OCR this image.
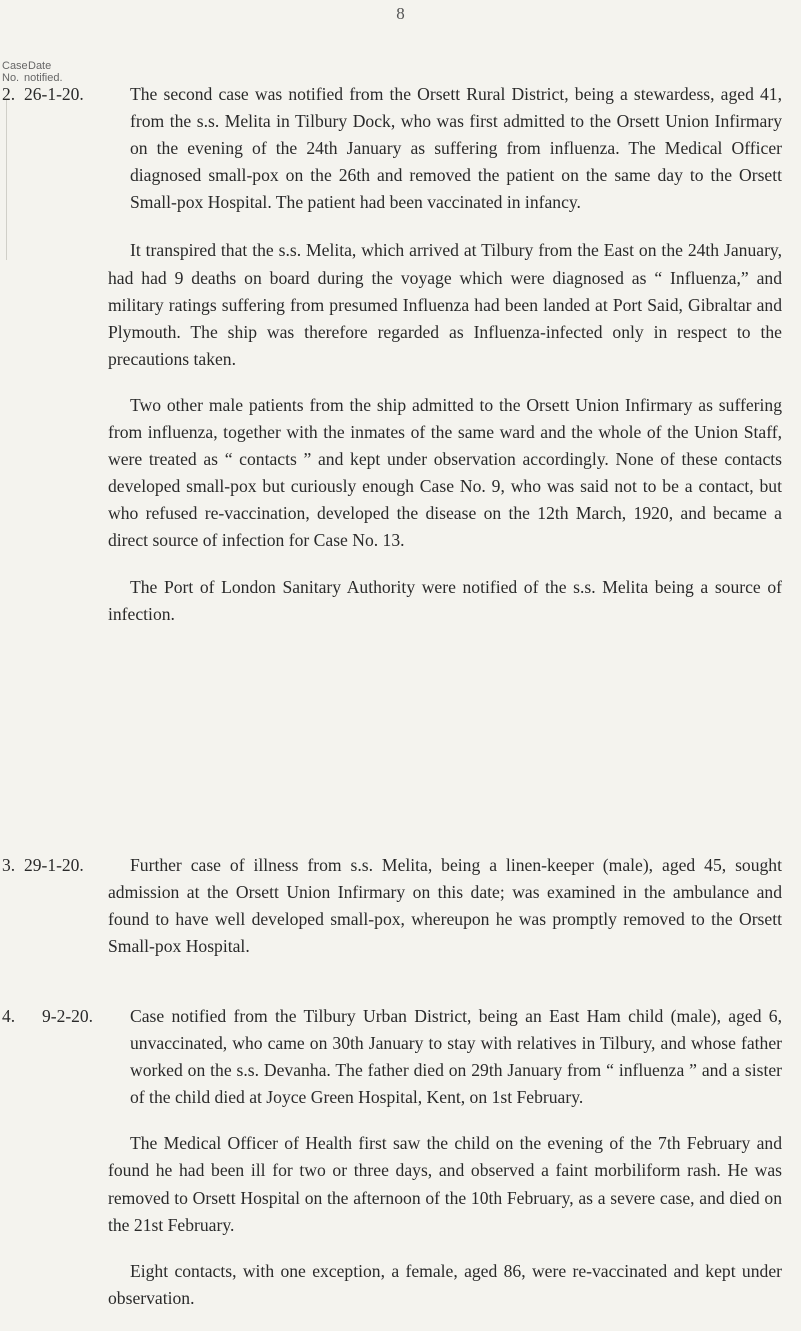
8
Case
No.
Date
notified.
2. 26-1-20.	The second case was notified from the Orsett Rural District, being a stewardess, aged 41, from the s.s. Melita in Tilbury Dock, who was first admitted to the Orsett Union Infirmary on the evening of the 24th January as suffering from influenza. The Medical Officer diagnosed small-pox on the 26th and removed the patient on the same day to the Orsett Small-pox Hospital. The patient had been vaccinated in infancy.

It transpired that the s.s. Melita, which arrived at Tilbury from the East on the 24th January, had had 9 deaths on board during the voyage which were diagnosed as “ Influenza,” and military ratings suffering from presumed Influenza had been landed at Port Said, Gibraltar and Plymouth. The ship was therefore regarded as Influenza-infected only in respect to the precautions taken.

Two other male patients from the ship admitted to the Orsett Union Infirmary as suffering from influenza, together with the inmates of the same ward and the whole of the Union Staff, were treated as “ contacts ” and kept under observation accordingly. None of these contacts developed small-pox but curiously enough Case No. 9, who was said not to be a contact, but who refused re-vaccination, developed the disease on the 12th March, 1920, and became a direct source of infection for Case No. 13.

The Port of London Sanitary Authority were notified of the s.s. Melita being a source of infection.

3. 29-1-20.	Further case of illness from s.s. Melita, being a linen-keeper (male), aged 45, sought admission at the Orsett Union Infirmary on this date; was examined in the ambulance and found to have well developed small-pox, whereupon he was promptly removed to the Orsett Small-pox Hospital.

4. 9-2-20. Case notified from the Tilbury Urban District, being an East Ham child (male), aged 6, unvaccinated, who came on 30th January to stay with relatives in Tilbury, and whose father worked on the s.s. Devanha. The father died on 29th January from “ influenza ” and a sister of the child died at Joyce Green Hospital, Kent, on 1st February.

The Medical Officer of Health first saw the child on the evening of the 7th February and found he had been ill for two or three days, and observed a faint morbiliform rash. He was removed to Orsett Hospital on the afternoon of the 10th February, as a severe case, and died on the 21st February.

Eight contacts, with one exception, a female, aged 86, were re-vaccinated and kept under observation.
